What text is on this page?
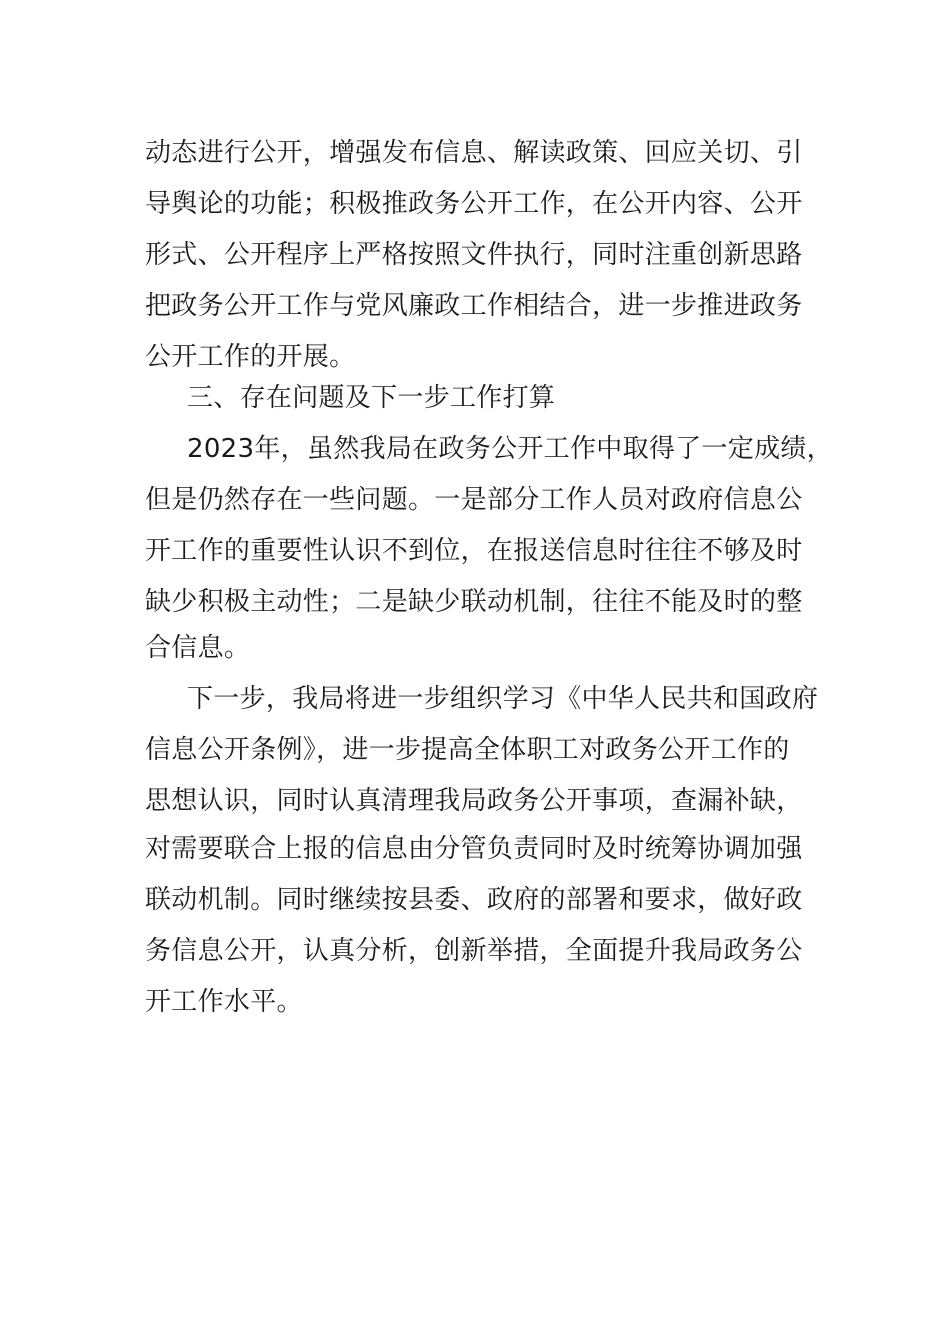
动态进行公开，增强发布信息、解读政策、回应关切、引
导舆论的功能；积极推政务公开工作，在公开内容、公开
形式、公开程序上严格按照文件执行，同时注重创新思路
把政务公开工作与党风廉政工作相结合，进一步推进政务
公开工作的开展。
三、存在问题及下一步工作打算
2023年，虽然我局在政务公开工作中取得了一定成绩，
但是仍然存在一些问题。一是部分工作人员对政府信息公
开工作的重要性认识不到位，在报送信息时往往不够及时
缺少积极主动性；二是缺少联动机制，往往不能及时的整
合信息。
下一步，我局将进一步组织学习《中华人民共和国政府
信息公开条例》，进一步提高全体职工对政务公开工作的
思想认识，同时认真清理我局政务公开事项，查漏补缺，
对需要联合上报的信息由分管负责同时及时统筹协调加强
联动机制。同时继续按县委、政府的部署和要求，做好政
务信息公开，认真分析，创新举措，全面提升我局政务公
开工作水平。
